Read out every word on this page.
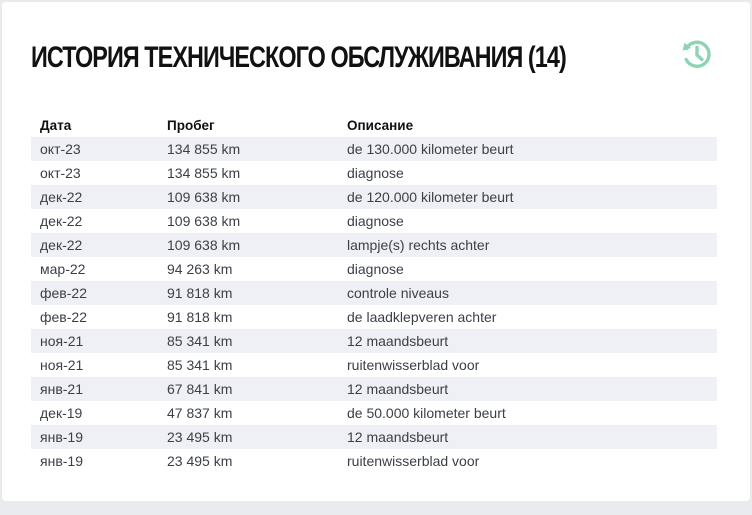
ИСТОРИЯ ТЕХНИЧЕСКОГО ОБСЛУЖИВАНИЯ (14)
Дата	Пробег	Описание
окт-23	134 855 km	de 130.000 kilometer beurt
окт-23	134 855 km	diagnose
дек-22	109 638 km	de 120.000 kilometer beurt
дек-22	109 638 km	diagnose
дек-22	109 638 km	lampje(s) rechts achter
мар-22	94 263 km	diagnose
фев-22	91 818 km	controle niveaus
фев-22	91 818 km	de laadklepveren achter
ноя-21	85 341 km	12 maandsbeurt
ноя-21	85 341 km	ruitenwisserblad voor
янв-21	67 841 km	12 maandsbeurt
дек-19	47 837 km	de 50.000 kilometer beurt
янв-19	23 495 km	12 maandsbeurt
янв-19	23 495 km	ruitenwisserblad voor
